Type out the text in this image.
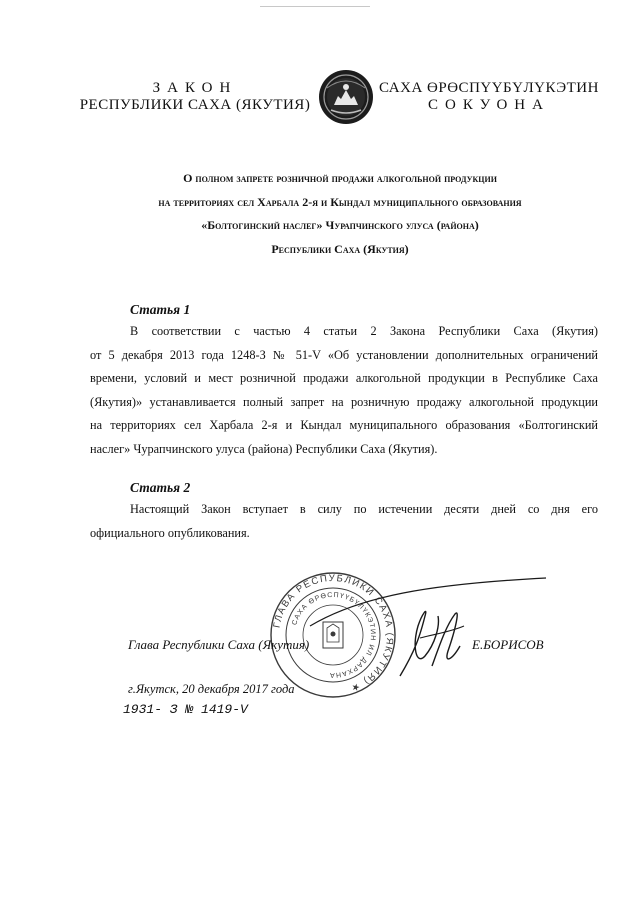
ЗАКОН
РЕСПУБЛИКИ САХА (ЯКУТИЯ)
САХА ӨРӨСПҮҮБҮЛҮКЭТИН
СОКУОНА
О полном запрете розничной продажи алкогольной продукции
на территориях сел Харбала 2-я и Кындал муниципального образования
«Болтогинский наслег» Чурапчинского улуса (района)
Республики Саха (Якутия)
Статья 1
В соответствии с частью 4 статьи 2 Закона Республики Саха (Якутия)
от 5 декабря 2013 года 1248-З № 51-V «Об установлении дополнительных ограничений
времени, условий и мест розничной продажи алкогольной продукции в Республике Саха
(Якутия)» устанавливается полный запрет на розничную продажу алкогольной продукции
на территориях сел Харбала 2-я и Кындал муниципального образования «Болтогинский
наслег» Чурапчинского улуса (района) Республики Саха (Якутия).
Статья 2
Настоящий Закон вступает в силу по истечении десяти дней со дня его
официального опубликования.
ГЛАВА РЕСПУБЛИКИ САХА (ЯКУТИЯ) ★
САХА ӨРӨСПҮҮБҮЛҮКЭТИН ИЛ ДАРХАНА
Глава Республики Саха (Якутия)	Е.БОРИСОВ
г.Якутск, 20 декабря 2017 года
1931- З № 1419-V
